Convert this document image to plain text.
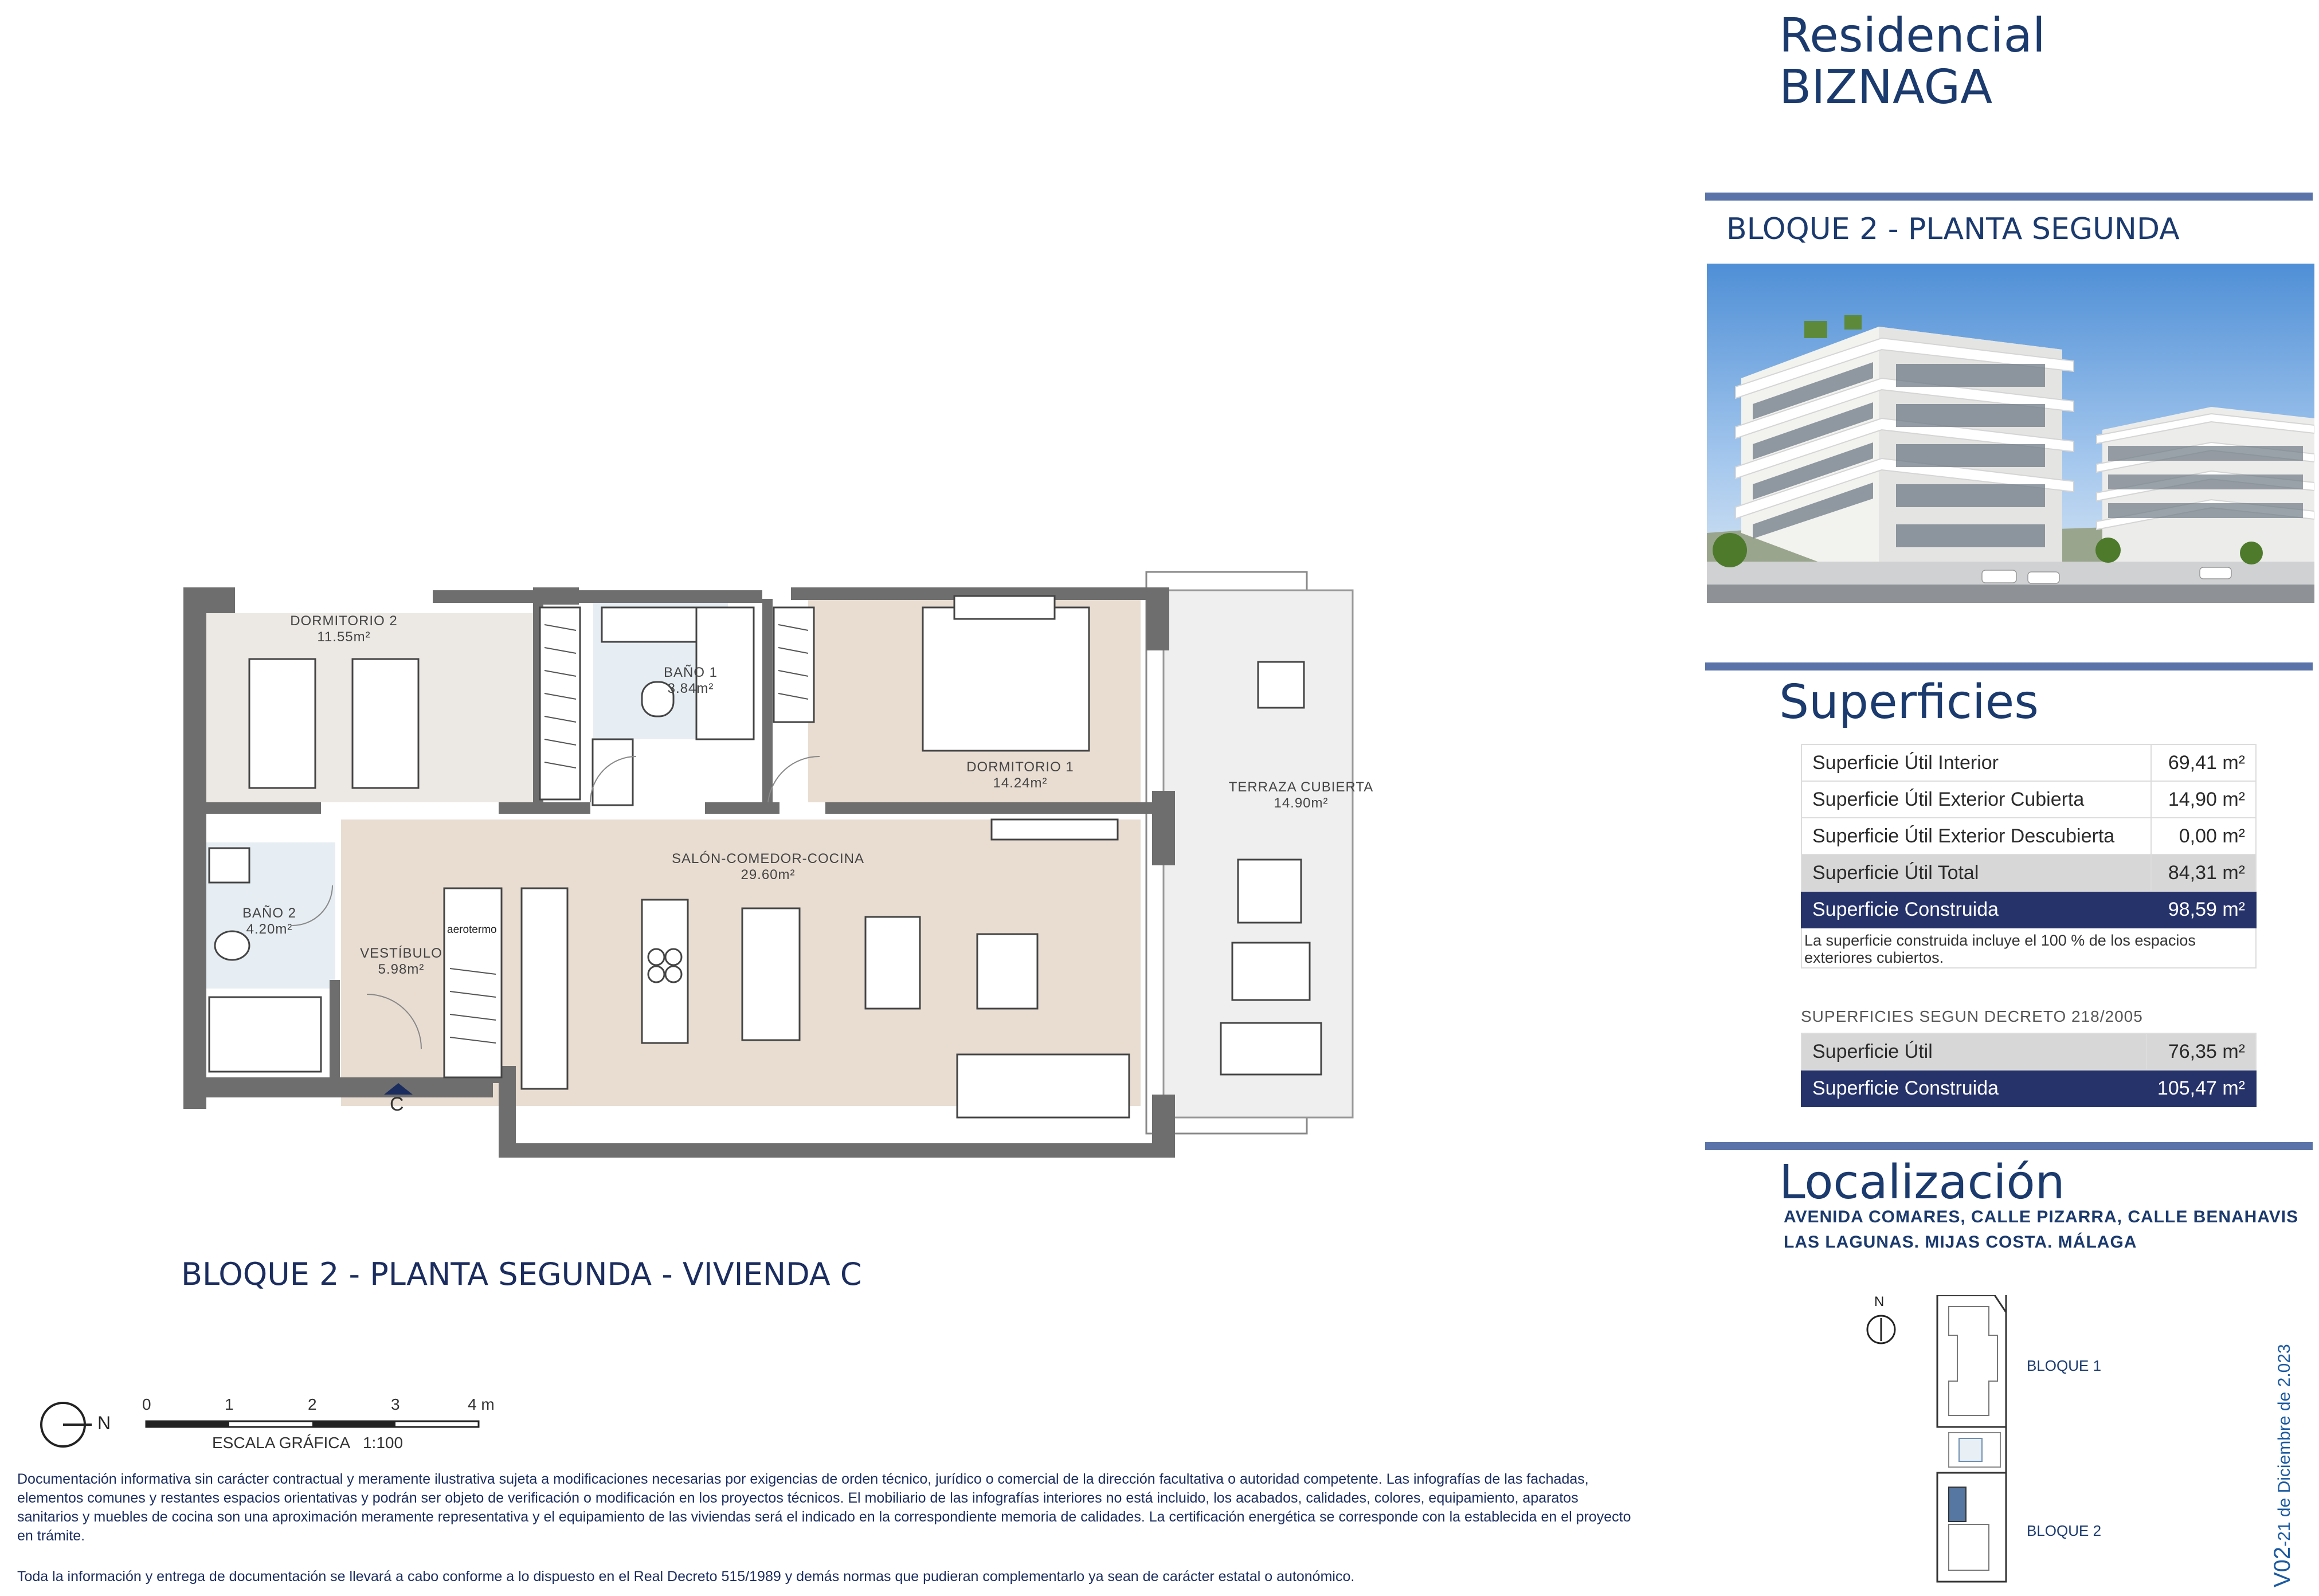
Residencial
BIZNAGA
BLOQUE 2 - PLANTA SEGUNDA
Superficies
Superficie Útil Interior	69,41 m²
Superficie Útil Exterior Cubierta	14,90 m²
Superficie Útil Exterior Descubierta	0,00 m²
Superficie Útil Total	84,31 m²
Superficie Construida	98,59 m²
La superficie construida incluye el 100 % de los espacios exteriores cubiertos.
SUPERFICIES SEGUN DECRETO 218/2005
Superficie Útil	76,35 m²
Superficie Construida	105,47 m²
Localización
AVENIDA COMARES, CALLE PIZARRA, CALLE BENAHAVIS
LAS LAGUNAS. MIJAS COSTA. MÁLAGA
N
BLOQUE 1
BLOQUE 2
V02-21 de Diciembre de 2.023
DORMITORIO 2
11.55m²
BAÑO 1
3.84m²
DORMITORIO 1
14.24m²	TERRAZA CUBIERTA
14.90m²
SALÓN-COMEDOR-COCINA
29.60m²
BAÑO 2
4.20m²
VESTÍBULO
5.98m²
aerotermo
C
BLOQUE 2 - PLANTA SEGUNDA - VIVIENDA C
N
0	1	2	3	4 m
ESCALA GRÁFICA   1:100
Documentación informativa sin carácter contractual y meramente ilustrativa sujeta a modificaciones necesarias por exigencias de orden técnico, jurídico o comercial de la dirección facultativa o autoridad competente. Las infografías de las fachadas, elementos comunes y restantes espacios orientativas y podrán ser objeto de verificación o modificación en los proyectos técnicos. El mobiliario de las infografías interiores no está incluido, los acabados, calidades, colores, equipamiento, aparatos sanitarios y muebles de cocina son una aproximación meramente representativa y el equipamiento de las viviendas será el indicado en la correspondiente memoria de calidades. La certificación energética se corresponde con la establecida en el proyecto en trámite.
Toda la información y entrega de documentación se llevará a cabo conforme a lo dispuesto en el Real Decreto 515/1989 y demás normas que pudieran complementarlo ya sean de carácter estatal o autonómico.
